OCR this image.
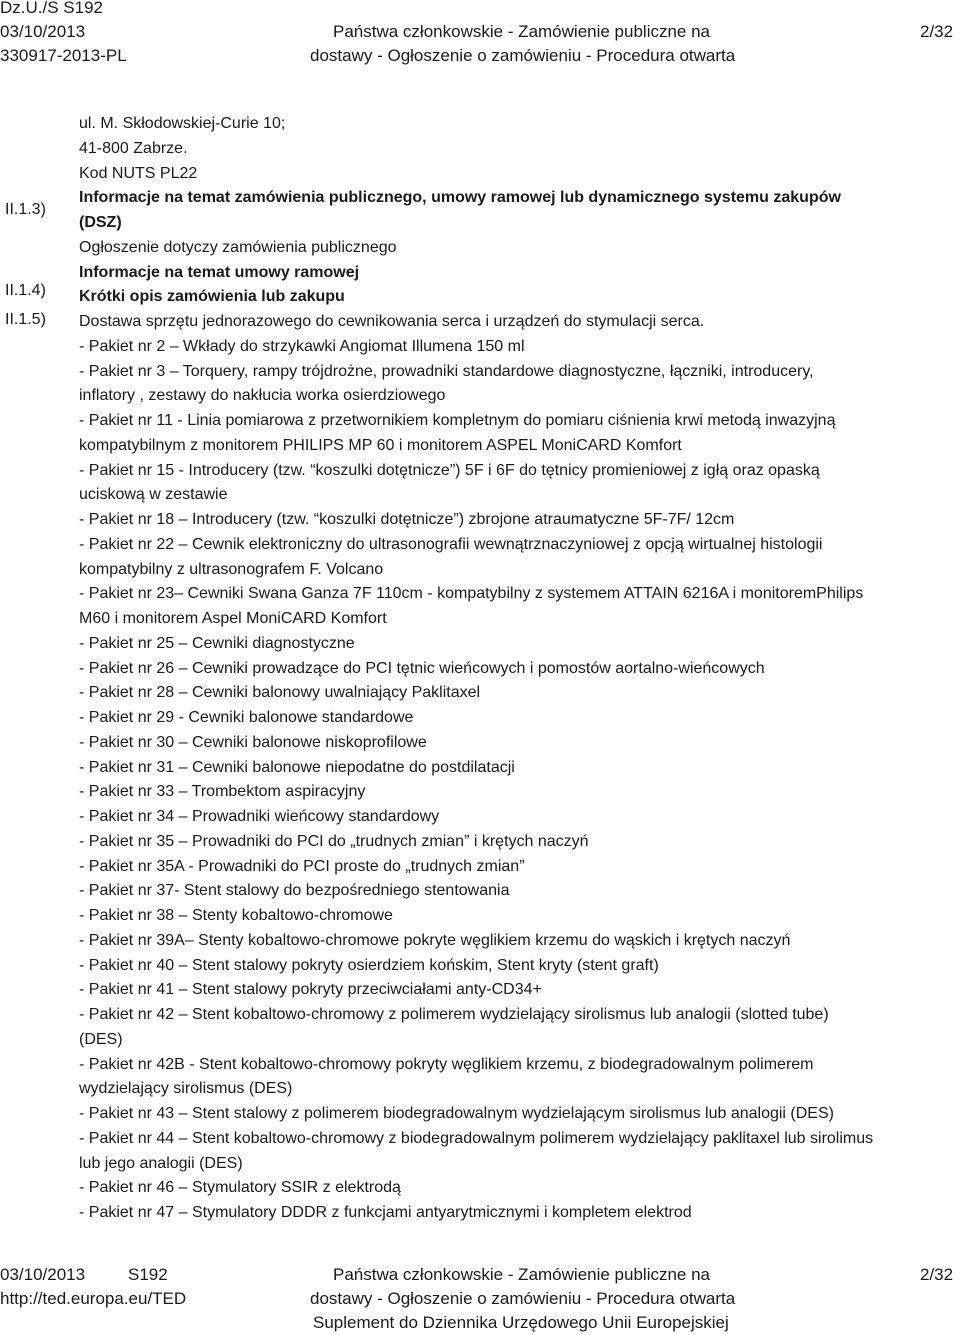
Dz.U./S S192
03/10/2013
330917-2013-PL
Państwa członkowskie - Zamówienie publiczne na
dostawy - Ogłoszenie o zamówieniu - Procedura otwarta
2/32
II.1.3)
II.1.4)
II.1.5)
ul. M. Skłodowskiej-Curie 10;
41-800 Zabrze.
Kod NUTS PL22
Informacje na temat zamówienia publicznego, umowy ramowej lub dynamicznego systemu zakupów
(DSZ)
Ogłoszenie dotyczy zamówienia publicznego
Informacje na temat umowy ramowej
Krótki opis zamówienia lub zakupu
Dostawa sprzętu jednorazowego do cewnikowania serca i urządzeń do stymulacji serca.
- Pakiet nr 2 – Wkłady do strzykawki Angiomat Illumena 150 ml
- Pakiet nr 3 – Torquery, rampy trójdrożne, prowadniki standardowe diagnostyczne, łączniki, introducery,
inflatory , zestawy do nakłucia worka osierdziowego
- Pakiet nr 11 - Linia pomiarowa z przetwornikiem kompletnym do pomiaru ciśnienia krwi metodą inwazyjną
kompatybilnym z monitorem PHILIPS MP 60 i monitorem ASPEL MoniCARD Komfort
- Pakiet nr 15 - Introducery (tzw. “koszulki dotętnicze”) 5F i 6F do tętnicy promieniowej z igłą oraz opaską
uciskową w zestawie
- Pakiet nr 18 – Introducery (tzw. “koszulki dotętnicze”) zbrojone atraumatyczne 5F-7F/ 12cm
- Pakiet nr 22 – Cewnik elektroniczny do ultrasonografii wewnątrznaczyniowej z opcją wirtualnej histologii
kompatybilny z ultrasonografem F. Volcano
- Pakiet nr 23– Cewniki Swana Ganza 7F 110cm - kompatybilny z systemem ATTAIN 6216A i monitoremPhilips
M60 i monitorem Aspel MoniCARD Komfort
- Pakiet nr 25 – Cewniki diagnostyczne
- Pakiet nr 26 – Cewniki prowadzące do PCI tętnic wieńcowych i pomostów aortalno-wieńcowych
- Pakiet nr 28 – Cewniki balonowy uwalniający Paklitaxel
- Pakiet nr 29 - Cewniki balonowe standardowe
- Pakiet nr 30 – Cewniki balonowe niskoprofilowe
- Pakiet nr 31 – Cewniki balonowe niepodatne do postdilatacji
- Pakiet nr 33 – Trombektom aspiracyjny
- Pakiet nr 34 – Prowadniki wieńcowy standardowy
- Pakiet nr 35 – Prowadniki do PCI do „trudnych zmian” i krętych naczyń
- Pakiet nr 35A - Prowadniki do PCI proste do „trudnych zmian”
- Pakiet nr 37- Stent stalowy do bezpośredniego stentowania
- Pakiet nr 38 – Stenty kobaltowo-chromowe
- Pakiet nr 39A– Stenty kobaltowo-chromowe pokryte węglikiem krzemu do wąskich i krętych naczyń
- Pakiet nr 40 – Stent stalowy pokryty osierdziem końskim, Stent kryty (stent graft)
- Pakiet nr 41 – Stent stalowy pokryty przeciwciałami anty-CD34+
- Pakiet nr 42 – Stent kobaltowo-chromowy z polimerem wydzielający sirolismus lub analogii (slotted tube)
(DES)
- Pakiet nr 42B - Stent kobaltowo-chromowy pokryty węglikiem krzemu, z biodegradowalnym polimerem
wydzielający sirolismus (DES)
- Pakiet nr 43 – Stent stalowy z polimerem biodegradowalnym wydzielającym sirolismus lub analogii (DES)
- Pakiet nr 44 – Stent kobaltowo-chromowy z biodegradowalnym polimerem wydzielający paklitaxel lub sirolimus
lub jego analogii (DES)
- Pakiet nr 46 – Stymulatory SSIR z elektrodą
- Pakiet nr 47 – Stymulatory DDDR z funkcjami antyarytmicznymi i kompletem elektrod
03/10/2013	S192
http://ted.europa.eu/TED
Państwa członkowskie - Zamówienie publiczne na
dostawy - Ogłoszenie o zamówieniu - Procedura otwarta
Suplement do Dziennika Urzędowego Unii Europejskiej
2/32
